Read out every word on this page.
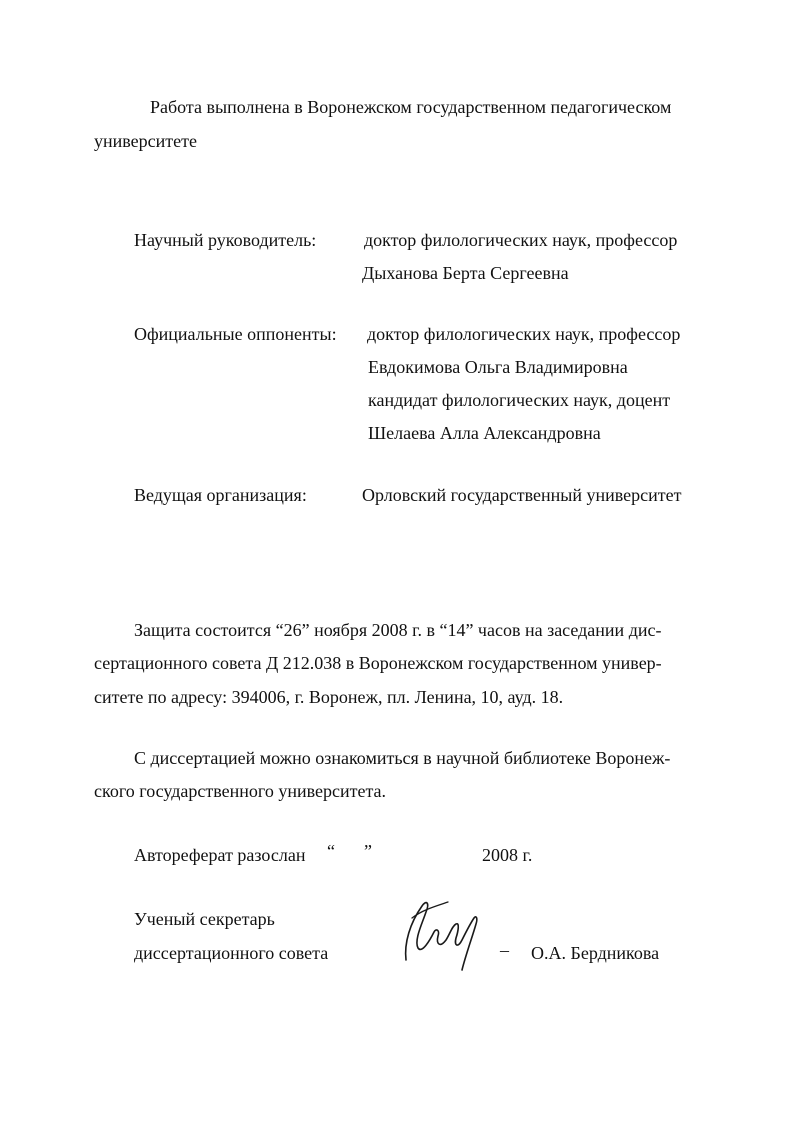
Работа выполнена в Воронежском государственном педагогическом
университете
Научный руководитель:	доктор филологических наук, профессор
Дыханова Берта Сергеевна
Официальные оппоненты: доктор филологических наук, профессор
Евдокимова Ольга Владимировна
кандидат филологических наук, доцент
Шелаева Алла Александровна
Ведущая организация:	Орловский государственный университет
Защита состоится “26” ноября 2008 г. в “14” часов на заседании дис-
сертационного совета Д 212.038 в Воронежском государственном универ-
ситете по адресу: 394006, г. Воронеж, пл. Ленина, 10, ауд. 18.
С диссертацией можно ознакомиться в научной библиотеке Воронеж-
ского государственного университета.
Автореферат разослан “ ”	2008 г.
Ученый секретарь
диссертационного совета	– О.А. Бердникова
